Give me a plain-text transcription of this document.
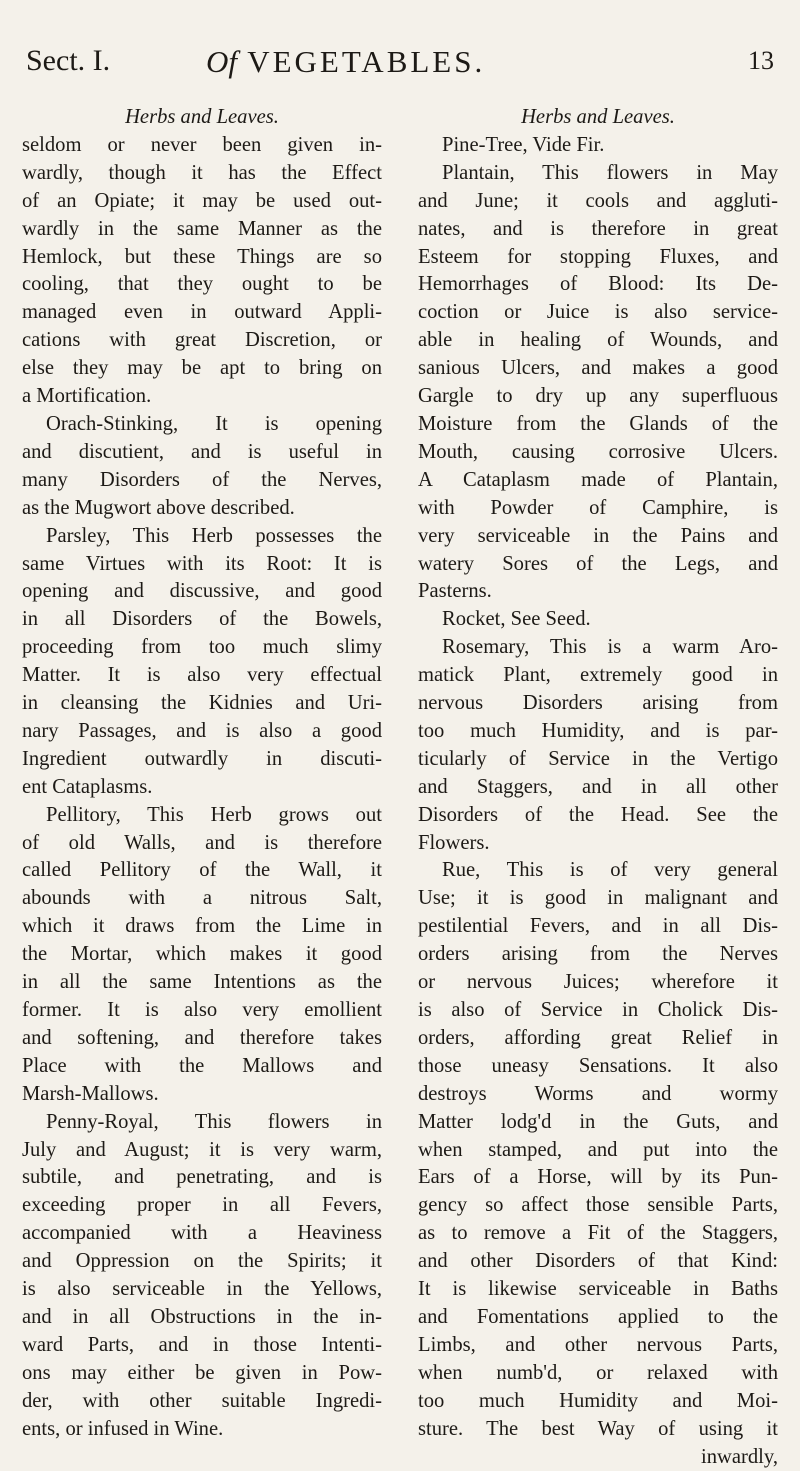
Sect. I.	Of VEGETABLES.	13
Herbs and Leaves.
seldom or never been given in-
wardly, though it has the Effect
of an Opiate; it may be used out-
wardly in the same Manner as the
Hemlock, but these Things are so
cooling, that they ought to be
managed even in outward Appli-
cations with great Discretion, or
else they may be apt to bring on
a Mortification.
Orach-Stinking, It is opening
and discutient, and is useful in
many Disorders of the Nerves,
as the Mugwort above described.
Parsley, This Herb possesses the
same Virtues with its Root: It is
opening and discussive, and good
in all Disorders of the Bowels,
proceeding from too much slimy
Matter. It is also very effectual
in cleansing the Kidnies and Uri-
nary Passages, and is also a good
Ingredient outwardly in discuti-
ent Cataplasms.
Pellitory, This Herb grows out
of old Walls, and is therefore
called Pellitory of the Wall, it
abounds with a nitrous Salt,
which it draws from the Lime in
the Mortar, which makes it good
in all the same Intentions as the
former. It is also very emollient
and softening, and therefore takes
Place with the Mallows and
Marsh-Mallows.
Penny-Royal, This flowers in
July and August; it is very warm,
subtile, and penetrating, and is
exceeding proper in all Fevers,
accompanied with a Heaviness
and Oppression on the Spirits; it
is also serviceable in the Yellows,
and in all Obstructions in the in-
ward Parts, and in those Intenti-
ons may either be given in Pow-
der, with other suitable Ingredi-
ents, or infused in Wine.
Herbs and Leaves.
Pine-Tree, Vide Fir.
Plantain, This flowers in May
and June; it cools and aggluti-
nates, and is therefore in great
Esteem for stopping Fluxes, and
Hemorrhages of Blood: Its De-
coction or Juice is also service-
able in healing of Wounds, and
sanious Ulcers, and makes a good
Gargle to dry up any superfluous
Moisture from the Glands of the
Mouth, causing corrosive Ulcers.
A Cataplasm made of Plantain,
with Powder of Camphire, is
very serviceable in the Pains and
watery Sores of the Legs, and
Pasterns.
Rocket, See Seed.
Rosemary, This is a warm Aro-
matick Plant, extremely good in
nervous Disorders arising from
too much Humidity, and is par-
ticularly of Service in the Vertigo
and Staggers, and in all other
Disorders of the Head. See the
Flowers.
Rue, This is of very general
Use; it is good in malignant and
pestilential Fevers, and in all Dis-
orders arising from the Nerves
or nervous Juices; wherefore it
is also of Service in Cholick Dis-
orders, affording great Relief in
those uneasy Sensations. It also
destroys Worms and wormy
Matter lodg'd in the Guts, and
when stamped, and put into the
Ears of a Horse, will by its Pun-
gency so affect those sensible Parts,
as to remove a Fit of the Staggers,
and other Disorders of that Kind:
It is likewise serviceable in Baths
and Fomentations applied to the
Limbs, and other nervous Parts,
when numb'd, or relaxed with
too much Humidity and Moi-
sture. The best Way of using it
inwardly,
